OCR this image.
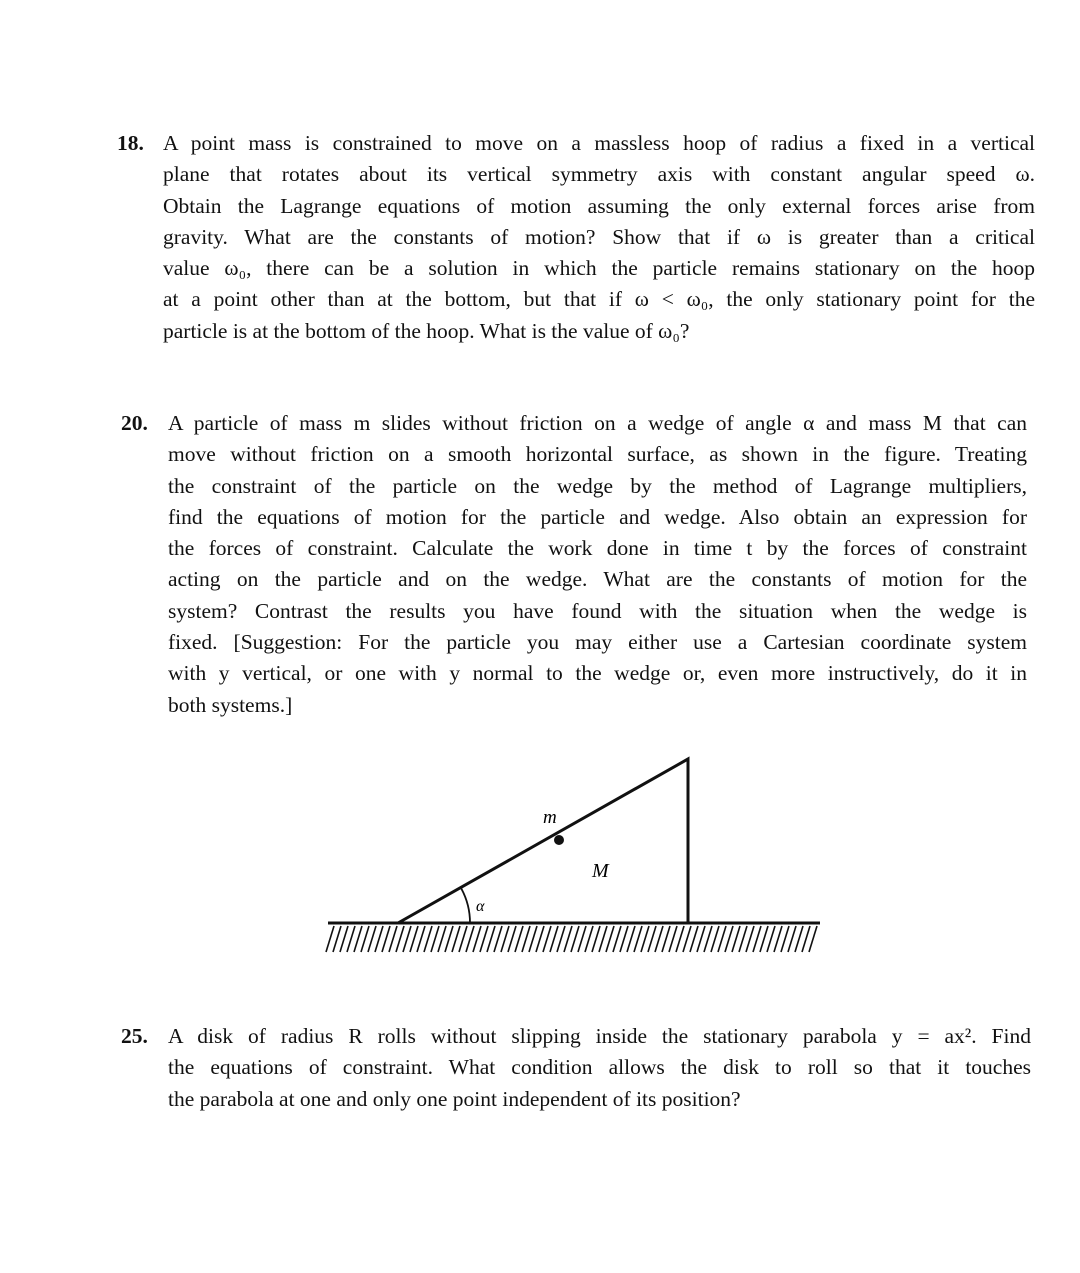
18. A point mass is constrained to move on a massless hoop of radius a fixed in a vertical
plane that rotates about its vertical symmetry axis with constant angular speed ω.
Obtain the Lagrange equations of motion assuming the only external forces arise from
gravity. What are the constants of motion? Show that if ω is greater than a critical
value ω₀, there can be a solution in which the particle remains stationary on the hoop
at a point other than at the bottom, but that if ω < ω₀, the only stationary point for the
particle is at the bottom of the hoop. What is the value of ω₀?
20. A particle of mass m slides without friction on a wedge of angle α and mass M that can
move without friction on a smooth horizontal surface, as shown in the figure. Treating
the constraint of the particle on the wedge by the method of Lagrange multipliers,
find the equations of motion for the particle and wedge. Also obtain an expression for
the forces of constraint. Calculate the work done in time t by the forces of constraint
acting on the particle and on the wedge. What are the constants of motion for the
system? Contrast the results you have found with the situation when the wedge is
fixed. [Suggestion: For the particle you may either use a Cartesian coordinate system
with y vertical, or one with y normal to the wedge or, even more instructively, do it in
both systems.]
m
M
α
25. A disk of radius R rolls without slipping inside the stationary parabola y = ax². Find
the equations of constraint. What condition allows the disk to roll so that it touches
the parabola at one and only one point independent of its position?
